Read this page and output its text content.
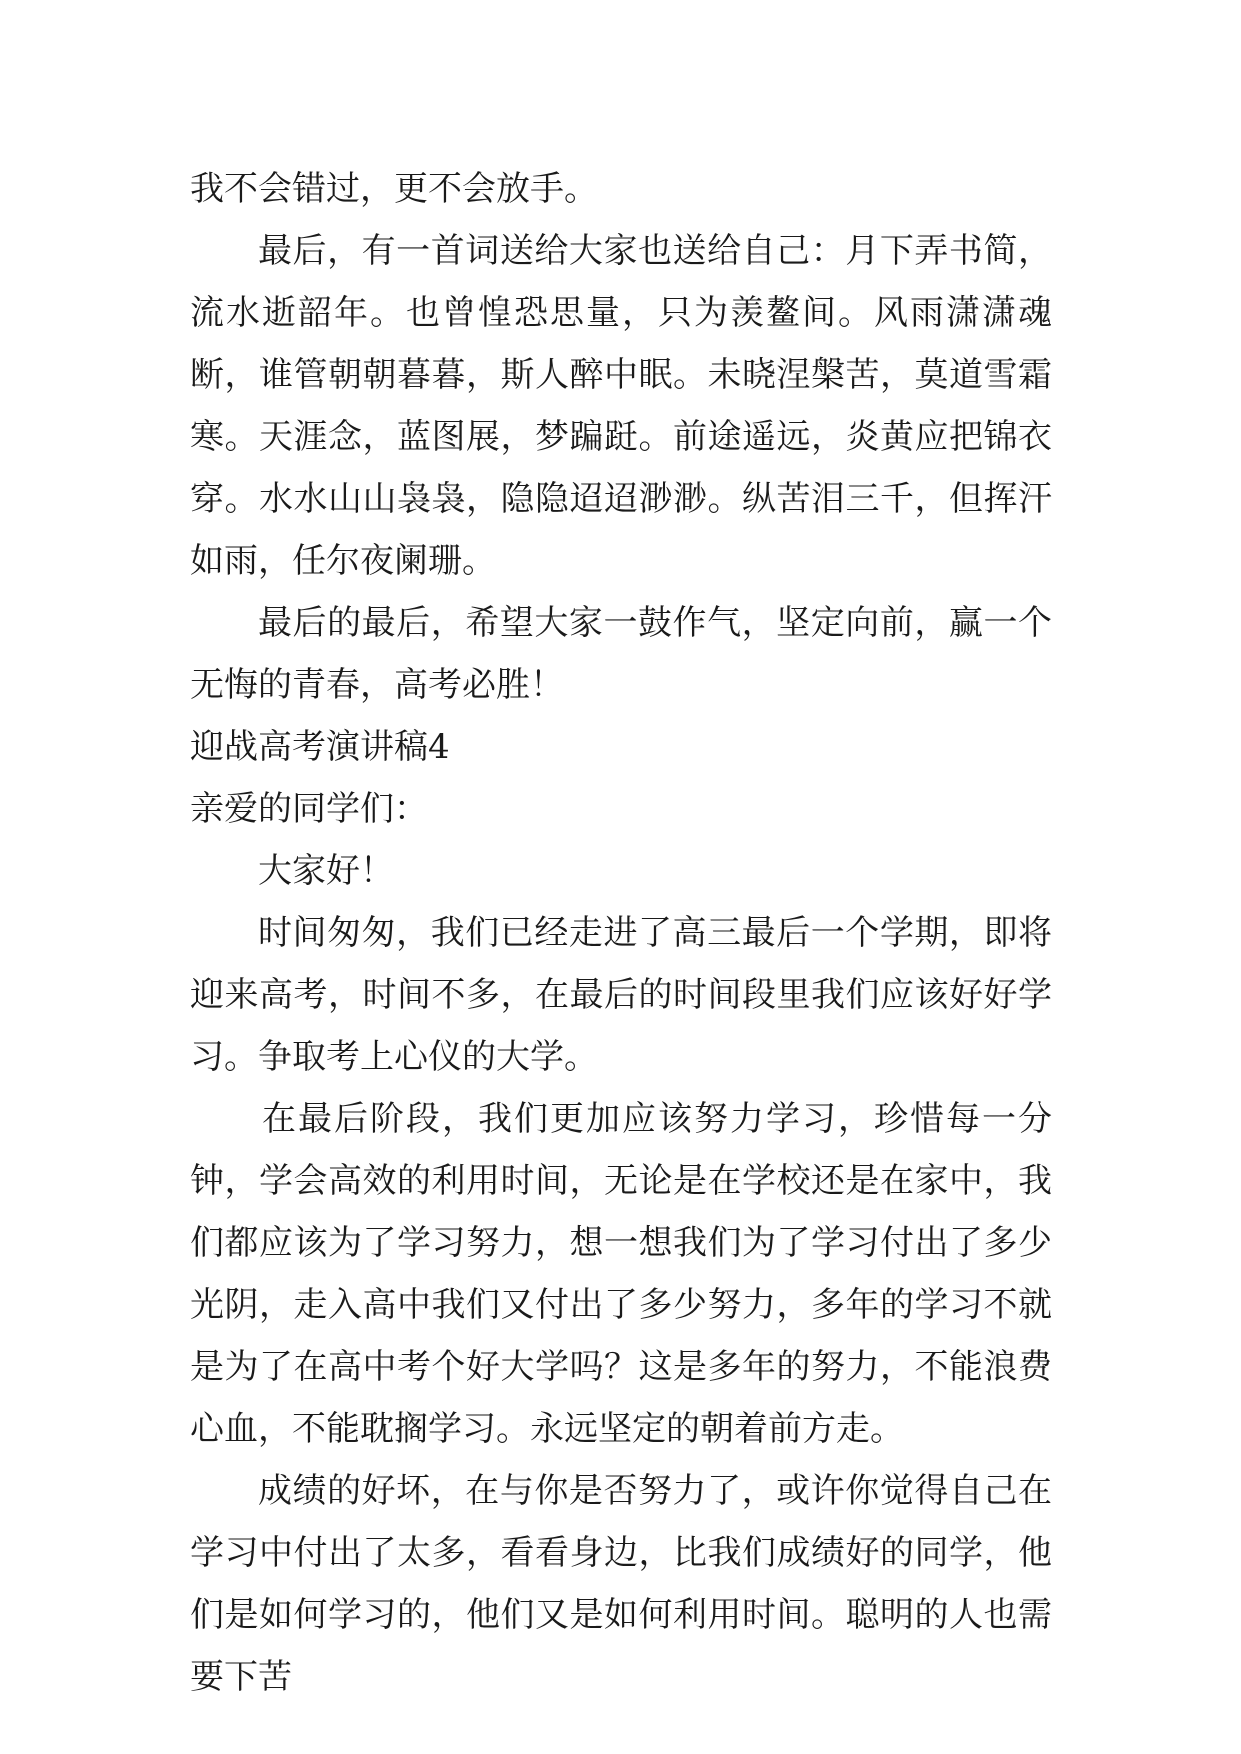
我不会错过，更不会放手。

最后，有一首词送给大家也送给自己：月下弄书简，流水逝韶年。也曾惶恐思量，只为羡鳌间。风雨潇潇魂断，谁管朝朝暮暮，斯人醉中眠。未晓涅槃苦，莫道雪霜寒。天涯念，蓝图展，梦蹁跹。前途遥远，炎黄应把锦衣穿。水水山山袅袅，隐隐迢迢渺渺。纵苦泪三千，但挥汗如雨，任尔夜阑珊。

最后的最后，希望大家一鼓作气，坚定向前，赢一个无悔的青春，高考必胜！

迎战高考演讲稿4

亲爱的同学们：

大家好！

时间匆匆，我们已经走进了高三最后一个学期，即将迎来高考，时间不多，在最后的时间段里我们应该好好学习。争取考上心仪的大学。

在最后阶段，我们更加应该努力学习，珍惜每一分钟，学会高效的利用时间，无论是在学校还是在家中，我们都应该为了学习努力，想一想我们为了学习付出了多少光阴，走入高中我们又付出了多少努力，多年的学习不就是为了在高中考个好大学吗？这是多年的努力，不能浪费心血，不能耽搁学习。永远坚定的朝着前方走。

成绩的好坏，在与你是否努力了，或许你觉得自己在学习中付出了太多，看看身边，比我们成绩好的同学，他们是如何学习的，他们又是如何利用时间。聪明的人也需要下苦
